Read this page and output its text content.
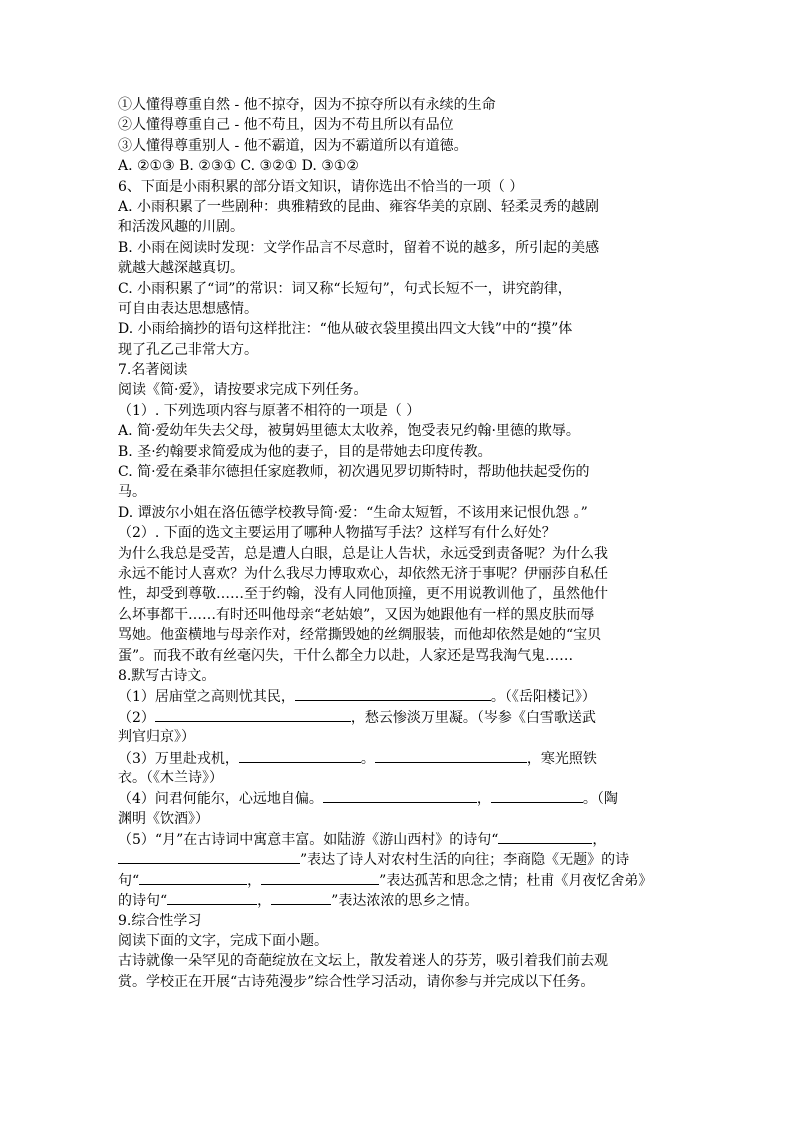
①人懂得尊重自然 - 他不掠夺，因为不掠夺所以有永续的生命
②人懂得尊重自己 - 他不苟且，因为不苟且所以有品位
③人懂得尊重别人 - 他不霸道，因为不霸道所以有道德。
A. ②①③ B. ②③① C. ③②① D. ③①②
6、下面是小雨积累的部分语文知识，请你选出不恰当的一项（ ）
A. 小雨积累了一些剧种：典雅精致的昆曲、雍容华美的京剧、轻柔灵秀的越剧
和活泼风趣的川剧。
B. 小雨在阅读时发现：文学作品言不尽意时，留着不说的越多，所引起的美感
就越大越深越真切。
C. 小雨积累了“词”的常识：词又称“长短句”，句式长短不一，讲究韵律，
可自由表达思想感情。
D. 小雨给摘抄的语句这样批注：“他从破衣袋里摸出四文大钱”中的“摸”体
现了孔乙己非常大方。
7.名著阅读
阅读《简·爱》，请按要求完成下列任务。
（1）. 下列选项内容与原著不相符的一项是（ ）
A. 简·爱幼年失去父母，被舅妈里德太太收养，饱受表兄约翰·里德的欺辱。
B. 圣·约翰要求简爱成为他的妻子，目的是带她去印度传教。
C. 简·爱在桑菲尔德担任家庭教师，初次遇见罗切斯特时，帮助他扶起受伤的
马。
D. 谭波尔小姐在洛伍德学校教导简·爱：“生命太短暂，不该用来记恨仇怨 。”
（2）. 下面的选文主要运用了哪种人物描写手法？这样写有什么好处？
为什么我总是受苦，总是遭人白眼，总是让人告状，永远受到责备呢？为什么我
永远不能讨人喜欢？为什么我尽力博取欢心，却依然无济于事呢？伊丽莎自私任
性，却受到尊敬……至于约翰，没有人同他顶撞，更不用说教训他了，虽然他什
么坏事都干……有时还叫他母亲“老姑娘”，又因为她跟他有一样的黑皮肤而辱
骂她。他蛮横地与母亲作对，经常撕毁她的丝绸服装，而他却依然是她的“宝贝
蛋”。而我不敢有丝毫闪失，干什么都全力以赴，人家还是骂我淘气鬼……
8.默写古诗文。
（1）居庙堂之高则忧其民，	。（《岳阳楼记》）
（2）	，愁云惨淡万里凝。（岑参《白雪歌送武
判官归京》）
（3）万里赴戎机，	。	，寒光照铁
衣。（《木兰诗》）
（4）问君何能尔，心远地自偏。	，	。（陶
渊明《饮酒》）
（5）“月”在古诗词中寓意丰富。如陆游《游山西村》的诗句“	，
”表达了诗人对农村生活的向往；李商隐《无题》的诗
句“	，	”表达孤苦和思念之情；杜甫《月夜忆舍弟》
的诗句“	，	”表达浓浓的思乡之情。
9.综合性学习
阅读下面的文字，完成下面小题。
古诗就像一朵罕见的奇葩绽放在文坛上，散发着迷人的芬芳，吸引着我们前去观
赏。学校正在开展“古诗苑漫步”综合性学习活动，请你参与并完成以下任务。
